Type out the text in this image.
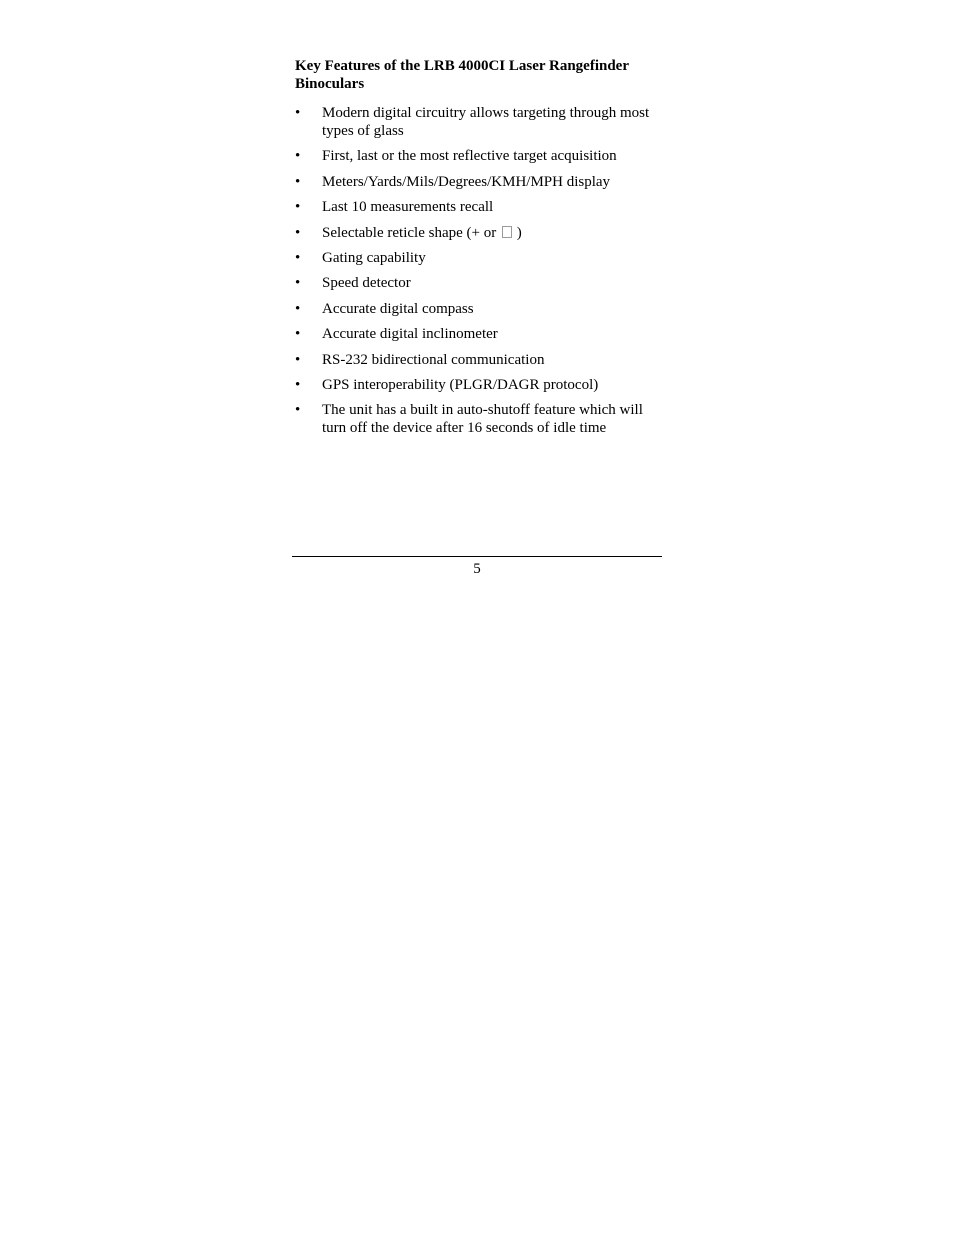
Key Features of the LRB 4000CI Laser Rangefinder Binoculars
•	Modern digital circuitry allows targeting through most types of glass
•	First, last or the most reflective target acquisition
•	Meters/Yards/Mils/Degrees/KMH/MPH display
•	Last 10 measurements recall
•	Selectable reticle shape (+ or )
•	Gating capability
•	Speed detector
•	Accurate digital compass
•	Accurate digital inclinometer
•	RS-232 bidirectional communication
•	GPS interoperability (PLGR/DAGR protocol)
•	The unit has a built in auto-shutoff feature which will turn off the device after 16 seconds of idle time
5
